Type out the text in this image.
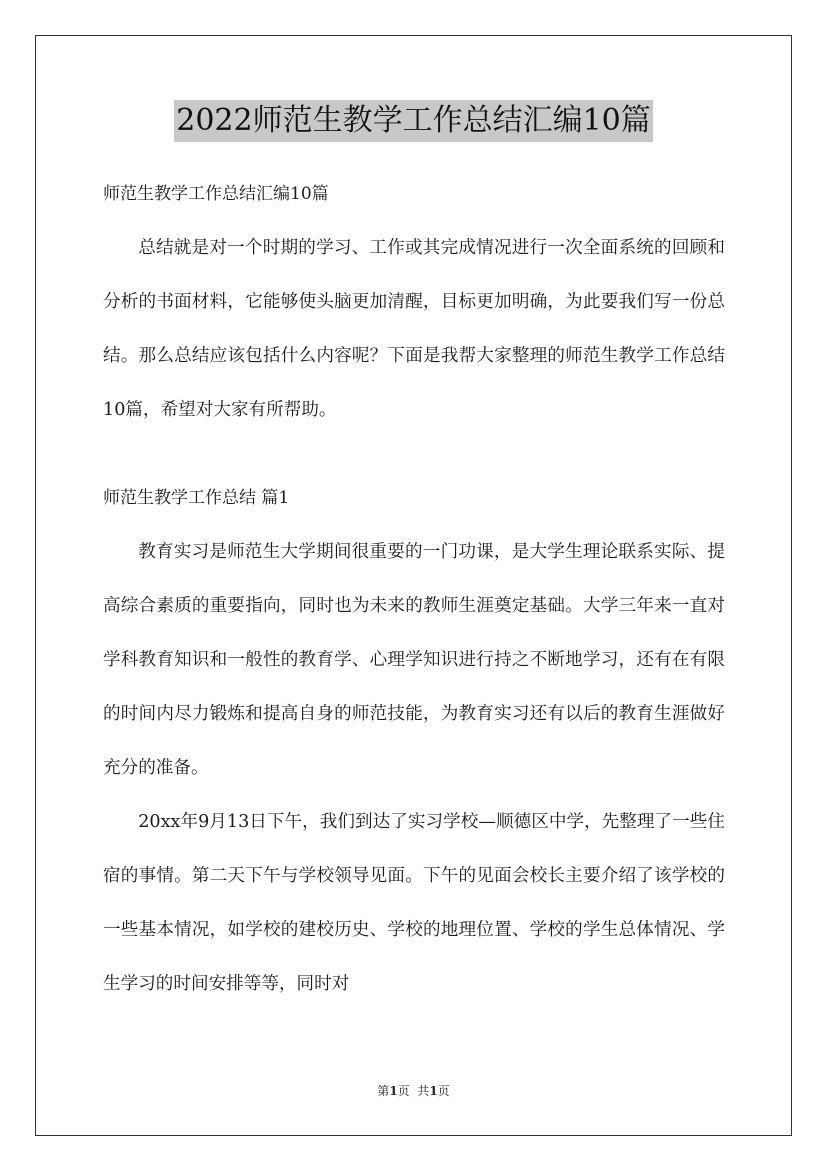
2022师范生教学工作总结汇编10篇

师范生教学工作总结汇编10篇

总结就是对一个时期的学习、工作或其完成情况进行一次全面系统的回顾和分析的书面材料，它能够使头脑更加清醒，目标更加明确，为此要我们写一份总结。那么总结应该包括什么内容呢？下面是我帮大家整理的师范生教学工作总结10篇，希望对大家有所帮助。

师范生教学工作总结 篇1

教育实习是师范生大学期间很重要的一门功课，是大学生理论联系实际、提高综合素质的重要指向，同时也为未来的教师生涯奠定基础。大学三年来一直对学科教育知识和一般性的教育学、心理学知识进行持之不断地学习，还有在有限的时间内尽力锻炼和提高自身的师范技能，为教育实习还有以后的教育生涯做好充分的准备。

20xx年9月13日下午，我们到达了实习学校—顺德区中学，先整理了一些住宿的事情。第二天下午与学校领导见面。下午的见面会校长主要介绍了该学校的一些基本情况，如学校的建校历史、学校的地理位置、学校的学生总体情况、学生学习的时间安排等等，同时对

第1页  共1页
